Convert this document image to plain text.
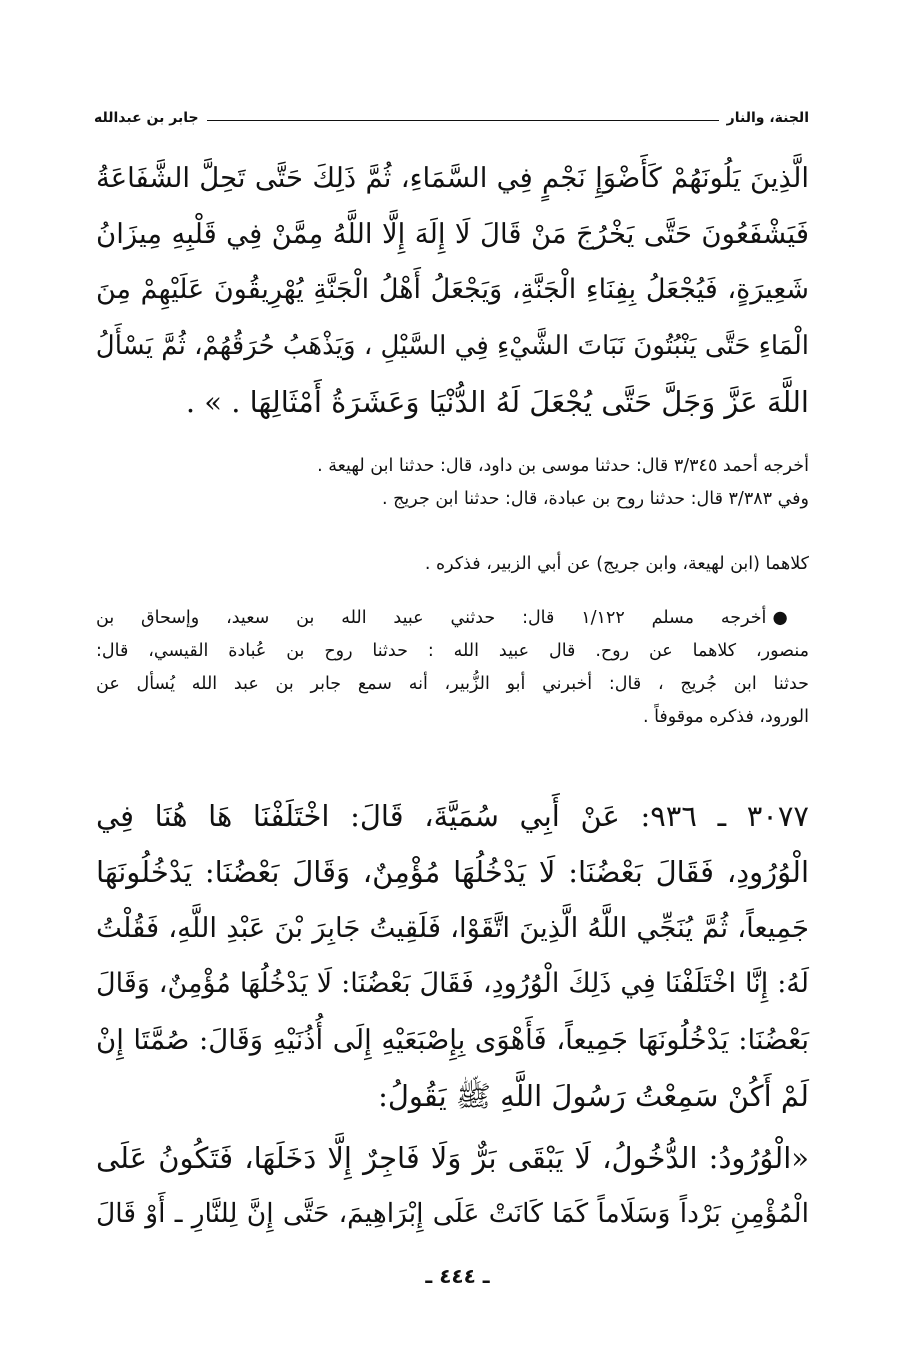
الجنة، والنار
جابر بن عبدالله
الَّذِينَ يَلُونَهُمْ كَأَضْوَإِ نَجْمٍ فِي السَّمَاءِ، ثُمَّ ذَلِكَ حَتَّى تَحِلَّ الشَّفَاعَةُ
فَيَشْفَعُونَ حَتَّى يَخْرُجَ مَنْ قَالَ لَا إِلَهَ إِلَّا اللَّهُ مِمَّنْ فِي قَلْبِهِ مِيزَانُ
شَعِيرَةٍ، فَيُجْعَلُ بِفِنَاءِ الْجَنَّةِ، وَيَجْعَلُ أَهْلُ الْجَنَّةِ يُهْرِيقُونَ عَلَيْهِمْ مِنَ
الْمَاءِ حَتَّى يَنْبُتُونَ نَبَاتَ الشَّيْءِ فِي السَّيْلِ ، وَيَذْهَبُ حُرَقُهُمْ، ثُمَّ يَسْأَلُ
اللَّهَ عَزَّ وَجَلَّ حَتَّى يُجْعَلَ لَهُ الدُّنْيَا وَعَشَرَةُ أَمْثَالِهَا . » .
أخرجه أحمد ٣/٣٤٥ قال: حدثنا موسى بن داود، قال: حدثنا ابن لهيعة .
وفي ٣/٣٨٣ قال: حدثنا روح بن عبادة، قال: حدثنا ابن جريج .
كلاهما (ابن لهيعة، وابن جريج) عن أبي الزبير، فذكره .
● أخرجه مسلم ١/١٢٢ قال: حدثني عبيد الله بن سعيد، وإسحاق بن
منصور، كلاهما عن روح. قال عبيد الله : حدثنا روح بن عُبادة القيسي، قال:
حدثنا ابن جُريج ، قال: أخبرني أبو الزُّبير، أنه سمع جابر بن عبد الله يُسأل عن
الورود، فذكره موقوفاً .
٣٠٧٧ ـ ٩٣٦: عَنْ أَبِي سُمَيَّةَ، قَالَ: اخْتَلَفْنَا هَا هُنَا فِي
الْوُرُودِ، فَقَالَ بَعْضُنَا: لَا يَدْخُلُهَا مُؤْمِنٌ، وَقَالَ بَعْضُنَا: يَدْخُلُونَهَا
جَمِيعاً، ثُمَّ يُنَجِّي اللَّهُ الَّذِينَ اتَّقَوْا، فَلَقِيتُ جَابِرَ بْنَ عَبْدِ اللَّهِ، فَقُلْتُ
لَهُ: إِنَّا اخْتَلَفْنَا فِي ذَلِكَ الْوُرُودِ، فَقَالَ بَعْضُنَا: لَا يَدْخُلُهَا مُؤْمِنٌ، وَقَالَ
بَعْضُنَا: يَدْخُلُونَهَا جَمِيعاً، فَأَهْوَى بِإِصْبَعَيْهِ إِلَى أُذُنَيْهِ وَقَالَ: صُمَّتَا إِنْ
لَمْ أَكُنْ سَمِعْتُ رَسُولَ اللَّهِ ﷺ يَقُولُ:
«الْوُرُودُ: الدُّخُولُ، لَا يَبْقَى بَرٌّ وَلَا فَاجِرٌ إِلَّا دَخَلَهَا، فَتَكُونُ عَلَى
الْمُؤْمِنِ بَرْداً وَسَلَاماً كَمَا كَانَتْ عَلَى إِبْرَاهِيمَ، حَتَّى إِنَّ لِلنَّارِ ـ أَوْ قَالَ
ـ ٤٤٤ ـ
